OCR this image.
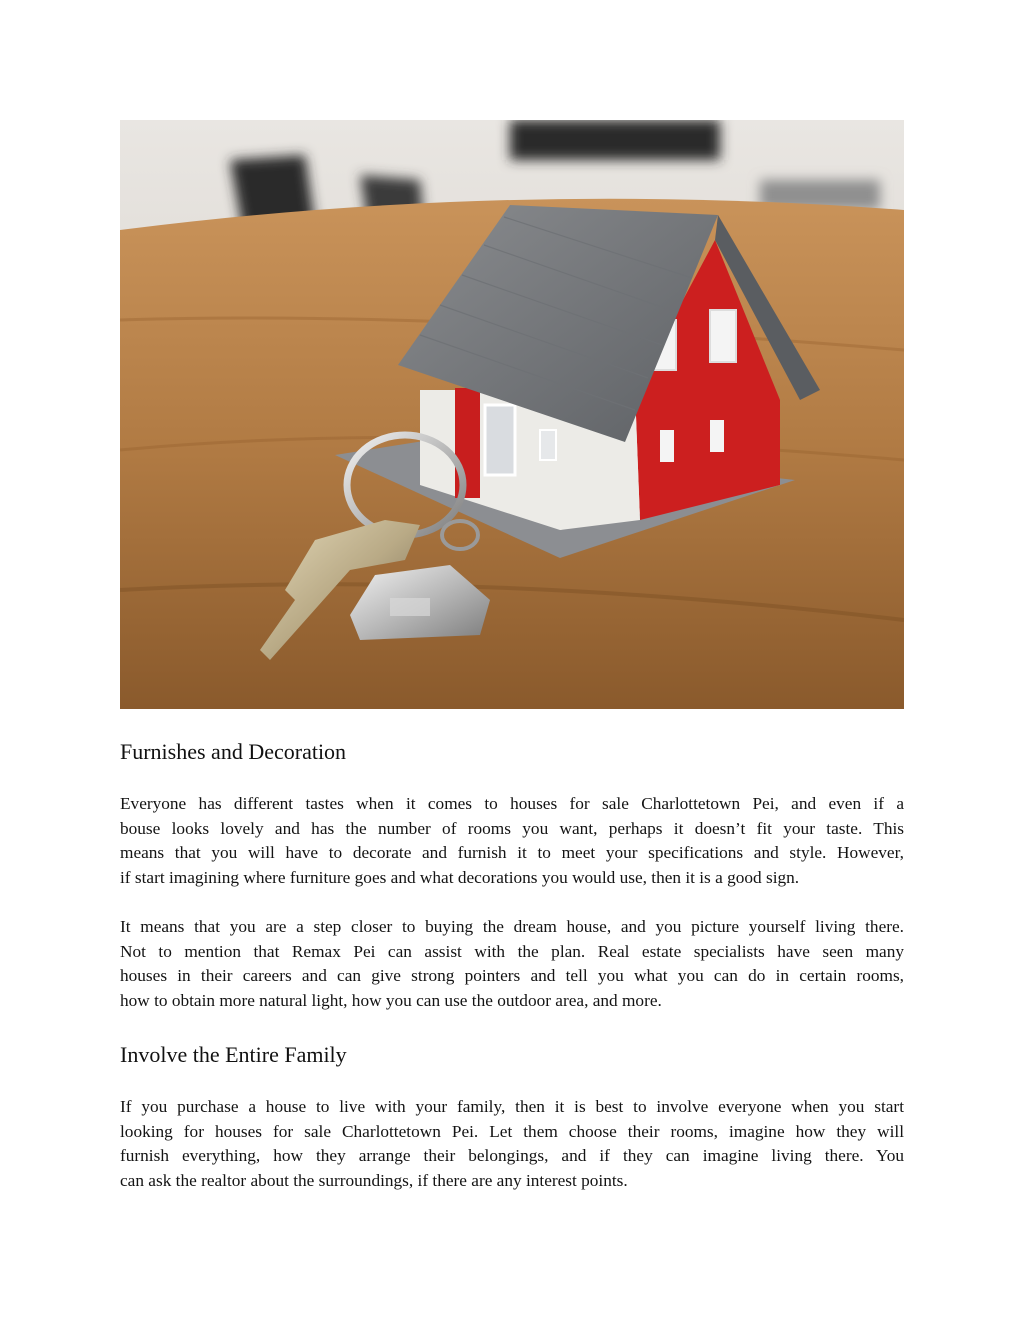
Furnishes and Decoration

Everyone has different tastes when it comes to houses for sale Charlottetown Pei, and even if a
bouse looks lovely and has the number of rooms you want, perhaps it doesn’t fit your taste. This
means that you will have to decorate and furnish it to meet your specifications and style. However,
if start imagining where furniture goes and what decorations you would use, then it is a good sign.

It means that you are a step closer to buying the dream house, and you picture yourself living there.
Not to mention that Remax Pei can assist with the plan. Real estate specialists have seen many
houses in their careers and can give strong pointers and tell you what you can do in certain rooms,
how to obtain more natural light, how you can use the outdoor area, and more.

Involve the Entire Family

If you purchase a house to live with your family, then it is best to involve everyone when you start
looking for houses for sale Charlottetown Pei. Let them choose their rooms, imagine how they will
furnish everything, how they arrange their belongings, and if they can imagine living there. You
can ask the realtor about the surroundings, if there are any interest points.
